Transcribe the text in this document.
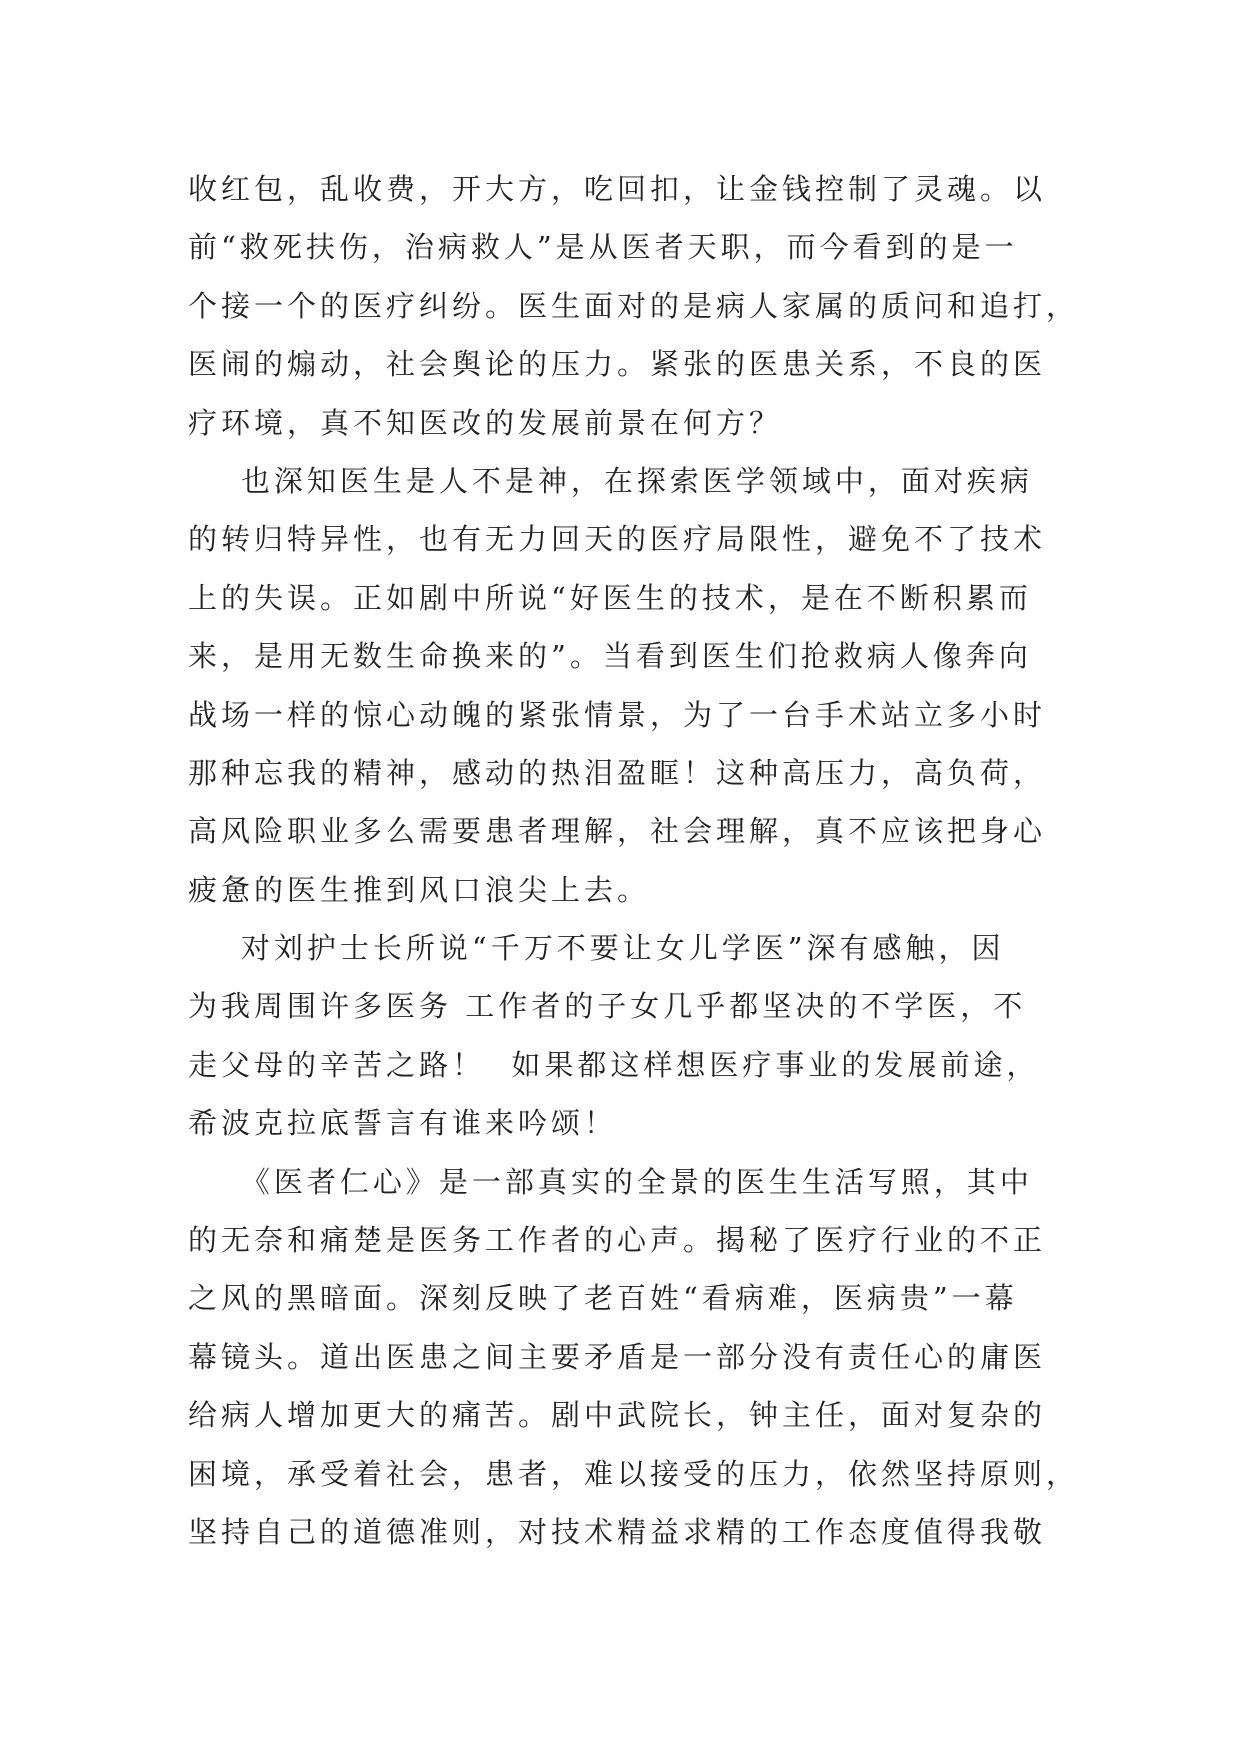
收红包，乱收费，开大方，吃回扣，让金钱控制了灵魂。以
前“救死扶伤，治病救人”是从医者天职，而今看到的是一
个接一个的医疗纠纷。医生面对的是病人家属的质问和追打，
医闹的煽动，社会舆论的压力。紧张的医患关系，不良的医
疗环境，真不知医改的发展前景在何方？
也深知医生是人不是神，在探索医学领域中，面对疾病
的转归特异性，也有无力回天的医疗局限性，避免不了技术
上的失误。正如剧中所说“好医生的技术，是在不断积累而
来，是用无数生命换来的”。当看到医生们抢救病人像奔向
战场一样的惊心动魄的紧张情景，为了一台手术站立多小时
那种忘我的精神，感动的热泪盈眶！这种高压力，高负荷，
高风险职业多么需要患者理解，社会理解，真不应该把身心
疲惫的医生推到风口浪尖上去。
对刘护士长所说“千万不要让女儿学医”深有感触，因
为我周围许多医务 工作者的子女几乎都坚决的不学医，不
走父母的辛苦之路！  如果都这样想医疗事业的发展前途，
希波克拉底誓言有谁来吟颂！
《医者仁心》是一部真实的全景的医生生活写照，其中
的无奈和痛楚是医务工作者的心声。揭秘了医疗行业的不正
之风的黑暗面。深刻反映了老百姓“看病难，医病贵”一幕
幕镜头。道出医患之间主要矛盾是一部分没有责任心的庸医
给病人增加更大的痛苦。剧中武院长，钟主任，面对复杂的
困境，承受着社会，患者，难以接受的压力，依然坚持原则，
坚持自己的道德准则，对技术精益求精的工作态度值得我敬
